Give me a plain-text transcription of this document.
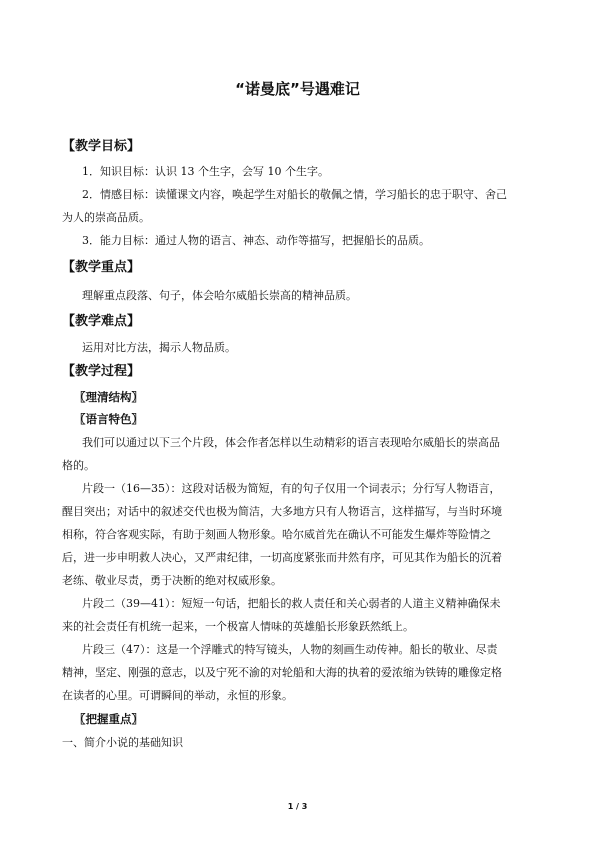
“诺曼底”号遇难记
【教学目标】
1．知识目标：认识 13 个生字，会写 10 个生字。
2．情感目标：读懂课文内容，唤起学生对船长的敬佩之情，学习船长的忠于职守、舍己
为人的崇高品质。
3．能力目标：通过人物的语言、神态、动作等描写，把握船长的品质。
【教学重点】
理解重点段落、句子，体会哈尔威船长崇高的精神品质。
【教学难点】
运用对比方法，揭示人物品质。
【教学过程】
〖理清结构〗
〖语言特色〗
我们可以通过以下三个片段，体会作者怎样以生动精彩的语言表现哈尔威船长的崇高品
格的。
片段一（16—35）：这段对话极为简短，有的句子仅用一个词表示；分行写人物语言，
醒目突出；对话中的叙述交代也极为简洁，大多地方只有人物语言，这样描写，与当时环境
相称，符合客观实际，有助于刻画人物形象。哈尔威首先在确认不可能发生爆炸等险情之
后，进一步申明救人决心，又严肃纪律，一切高度紧张而井然有序，可见其作为船长的沉着
老练、敬业尽责，勇于决断的绝对权威形象。
片段二（39—41）：短短一句话，把船长的救人责任和关心弱者的人道主义精神确保未
来的社会责任有机统一起来，一个极富人情味的英雄船长形象跃然纸上。
片段三（47）：这是一个浮雕式的特写镜头，人物的刻画生动传神。船长的敬业、尽责
精神，坚定、刚强的意志，以及宁死不渝的对轮船和大海的执着的爱浓缩为铁铸的雕像定格
在读者的心里。可谓瞬间的举动，永恒的形象。
〖把握重点〗
一、简介小说的基础知识
1 / 3
